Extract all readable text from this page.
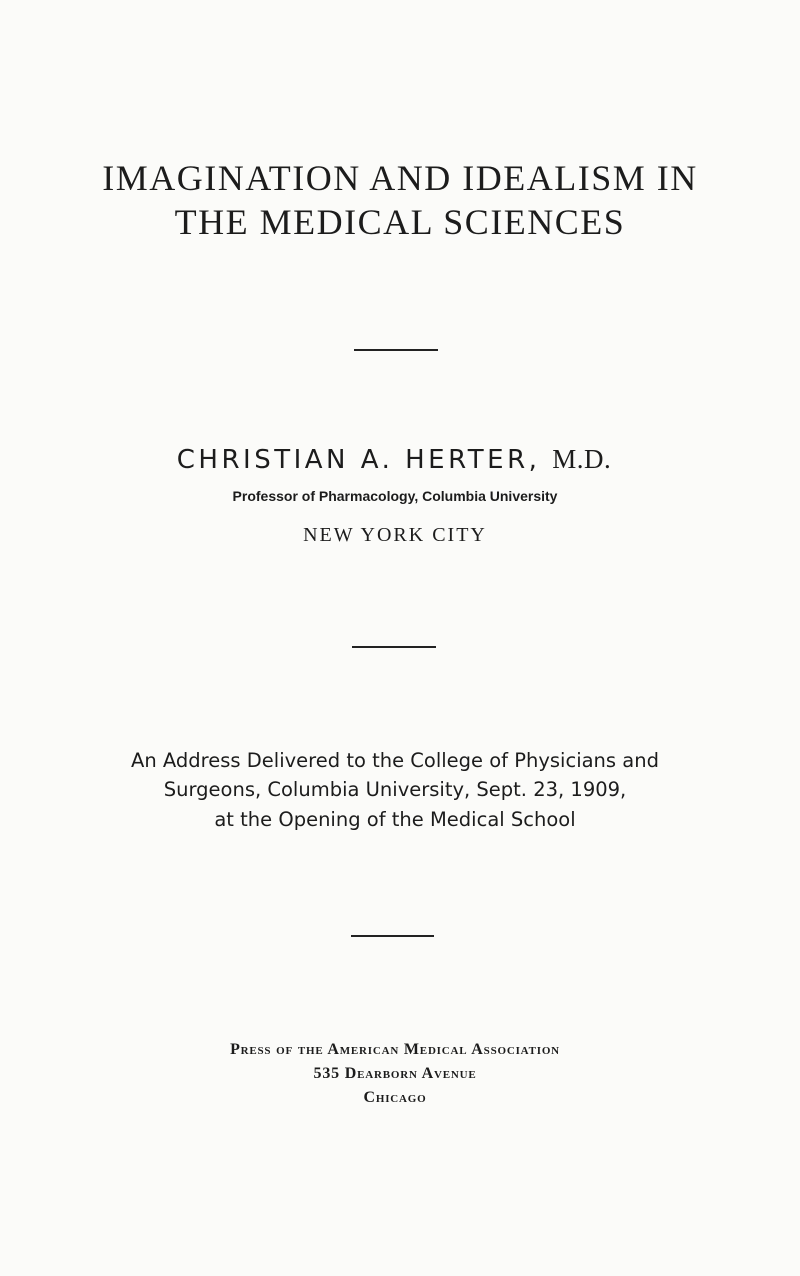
IMAGINATION AND IDEALISM IN
THE MEDICAL SCIENCES

CHRISTIAN A. HERTER, M.D.

Professor of Pharmacology, Columbia University

NEW YORK CITY

An Address Delivered to the College of Physicians and

Surgeons, Columbia University, Sept. 23, 1909,

at the Opening of the Medical School

Press of the American Medical Association

535 Dearborn Avenue

Chicago
